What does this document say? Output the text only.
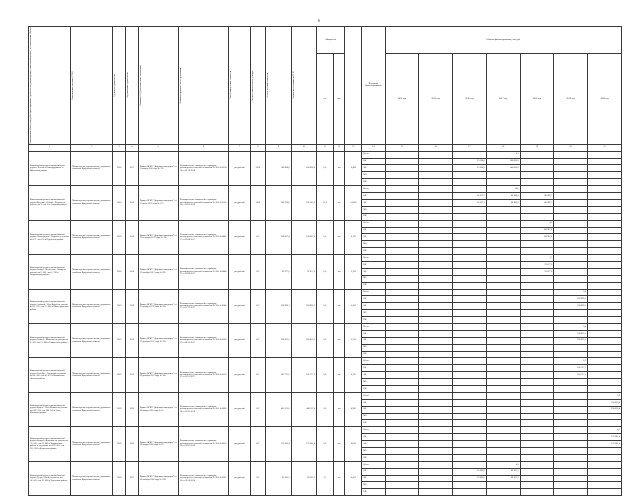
6
Наименование объекта, вид работ (проектирование, строительство, реконструкция, капитальный ремонт), местоположение объекта	Наименование заказчика (ГРБС)	Год начала строительства	Год окончания строительства	Реквизиты ПСД (положительное заключение)	Реквизиты правового акта о реализации	Способ определения стоимости	Сметная стоимость на год утвердж.	Остаток сметной стоимости	Освоено по состоянию на 01.01	Мощность			Источник финансирования	Объемы финансирования, тыс руб						
										ед.	кол.			2014 год	2015 год	2016 год	2017 год	2018 год	2019 год	2020 год
1	2	3	4	5	6	7	8	9	10	11	12	13	14	15	16	17	18	19	20	21
Капитальный ремонт автомобильной дороги "Бельск в Новогрудинино" в Иркутском районе	Министерство строительства, дорожного хозяйства Иркутской области	2016	2017	Приказ ОГКУ "Дирекция автодорог" от 2 ноября 2016 года № 315	Положительное заключение о проверке достоверности сметной стоимости № 38-1-4-0216-16 от 03.10.2016	ресурсный	2016	140 696,8	140 696,8	0,0	км	6,496	Всего				4,5			
													ОБ			25 558,6	140 696,8			
													ФБ			25 558,6	140 696,8			
													МБ							
													ВИ							
Капитальный ремонт автомобильной дороги Кутулик - Бахтай - Хадахан на участке км 1 - км 15 в Аларском районе	Министерство строительства, дорожного хозяйства Иркутской области	2016	2018	Приказ ОГКУ "Дирекция автодорог" от 21 июня 2016 года № 179	Положительное заключение о проверке достоверности сметной стоимости № 38-1-4-0153-16 от 26.05.2016	ресурсный	2016	289 358,6	181 565,2	12,8	км	14,000	Всего				14,8			
													ОБ			62 327,3	60 386,0	116 682,7		
													ФБ			62 327,3	60 386,0	116 682,7		
													МБ							
													ВИ							
Капитальный ремонт автомобильной дороги Новонукутск - Хадахан на участке км 173 - км 178 в Нукутском районе	Министерство строительства, дорожного хозяйства Иркутской области	2018	2018	Приказ ОГКУ "Дирекция автодорог" от 12 сентября 2017 года № 250	Положительное заключение о проверке достоверности сметной стоимости № 38-1-4-0401-17 от 29.08.2017	ресурсный	ОС	108 967,4	108 967,4	0,0	км	6,170	Всего					4,5		
													ОБ					108 967,4		
													ФБ					108 967,4		
													МБ							
													ВИ							
Капитальный ремонт автомобильной дороги Залари - Моисеевка - Бажир на участке км 0+000 - км 5+700 в Заларинском районе	Министерство строительства, дорожного хозяйства Иркутской области	2018	2018	Приказ ОГКУ "Дирекция автодорог" от 12 октября 2017 года № 285	Положительное заключение о проверке достоверности сметной стоимости № 38-1-4-0448-17 от 26.09.2017	ресурсный	ОС	92 677,0	92 677,0	0,0	км	5,700	Всего					5,7		
													ОБ					92 677,0		
													ФБ					92 677,0		
													МБ							
													ВИ							
Капитальный ремонт автомобильной дороги Алзамай - Усть-Кадуй на участке км 22+070 - км 35+836 в Нижнеудинском районе	Министерство строительства, дорожного хозяйства Иркутской области	2019	2019	Приказ ОГКУ "Дирекция автодорог" от 25 декабря 2017 года № 358	Положительное заключение о проверке достоверности сметной стоимости № 38-1-4-0542-17 от 13.12.2017	ресурсный	ОС	228 890,1	228 890,1	0,0	км	5,432	Всего						3,4	
													ОБ						228 890,1	
													ФБ						228 890,1	
													МБ							
													ВИ							
Капитальный ремонт автомобильной дороги Тайшет - Шиткино на участке км 9+355 - км 13+000 в Тайшетском районе	Министерство строительства, дорожного хозяйства Иркутской области	2019	2019	Приказ ОГКУ "Дирекция автодорог" от 21 декабря 2017 года № 350	Положительное заключение о проверке достоверности сметной стоимости № 38-1-4-0529-17 от 06.12.2017	ресурсный	ОС	226 855,5	226 855,5	0,0	км	3,550	Всего						3,4	
													ОБ						226 855,5	
													ФБ						226 855,5	
													МБ							
													ВИ							
Капитальный ремонт автомобильной дороги Усть-Кут - Звездный на участке км 34+450 - км 40+675 в Казачинско-Ленском районе	Министерство строительства, дорожного хозяйства Иркутской области	2019	2019	Приказ ОГКУ "Дирекция автодорог" от 20 декабря 2017 года № 345	Положительное заключение о проверке достоверности сметной стоимости № 38-1-4-0512-17 от 30.11.2017	ресурсный	ОС	182 717,5	182 717,5	0,0	км	6,225	Всего						6,2	
													ОБ						182 717,5	
													ФБ						182 717,5	
													МБ							
													ВИ							
Капитальный ремонт автомобильной дороги Братск - Усть-Илимск на участке км 183+538 - км 188+520 в Усть-Илимском районе	Министерство строительства, дорожного хозяйства Иркутской области	2020	2020	Приказ ОГКУ "Дирекция автодорог" от 14 января 2018 года № 10	Положительное заключение о проверке достоверности сметной стоимости № 38-1-4-0003-18 от 10.01.2018	ресурсный	ОС	400 111,0	400 111,0	0,0	км	4,982	Всего							5,0
													ОБ							250 833,4
													ФБ							250 833,4
													МБ							
													ВИ							
Капитальный ремонт автомобильной дороги Залари - Жигалово на участке км 75+020 - км 81+000 в Заларинском районе и на участке км 218+300 - км 221+050 в Качугском районе	Министерство строительства, дорожного хозяйства Иркутской области	2020	2020	Приказ ОГКУ "Дирекция автодорог" от 24 января 2018 года № 20	Положительное заключение о проверке достоверности сметной стоимости № 38-1-4-0012-18 от 18.01.2018	ресурсный	ОС	170 241,4	170 241,4	0,0	км	6,630	Всего							4,7
													ОБ							170 241,4
													ФБ							170 241,4
													МБ							
													ВИ							
Капитальный ремонт автомобильной дороги Тулун - Икей на участке км 14+565 - км 19+000 в Тулунском районе	Министерство строительства, дорожного хозяйства Иркутской области	2016	2017	Приказ ОГКУ "Дирекция автодорог" от 28 октября 2016 года № 298	Положительное заключение о проверке достоверности сметной стоимости № 38-1-4-0307-16 от 18.10.2016	ресурсный	ОС	95 262,3	69 262,3	7,5	км	4,431	Всего				4,4			
													ОБ			20 000,0	69 262,3			
													ФБ			20 000,0	69 262,3			
													МБ							
													ВИ							
